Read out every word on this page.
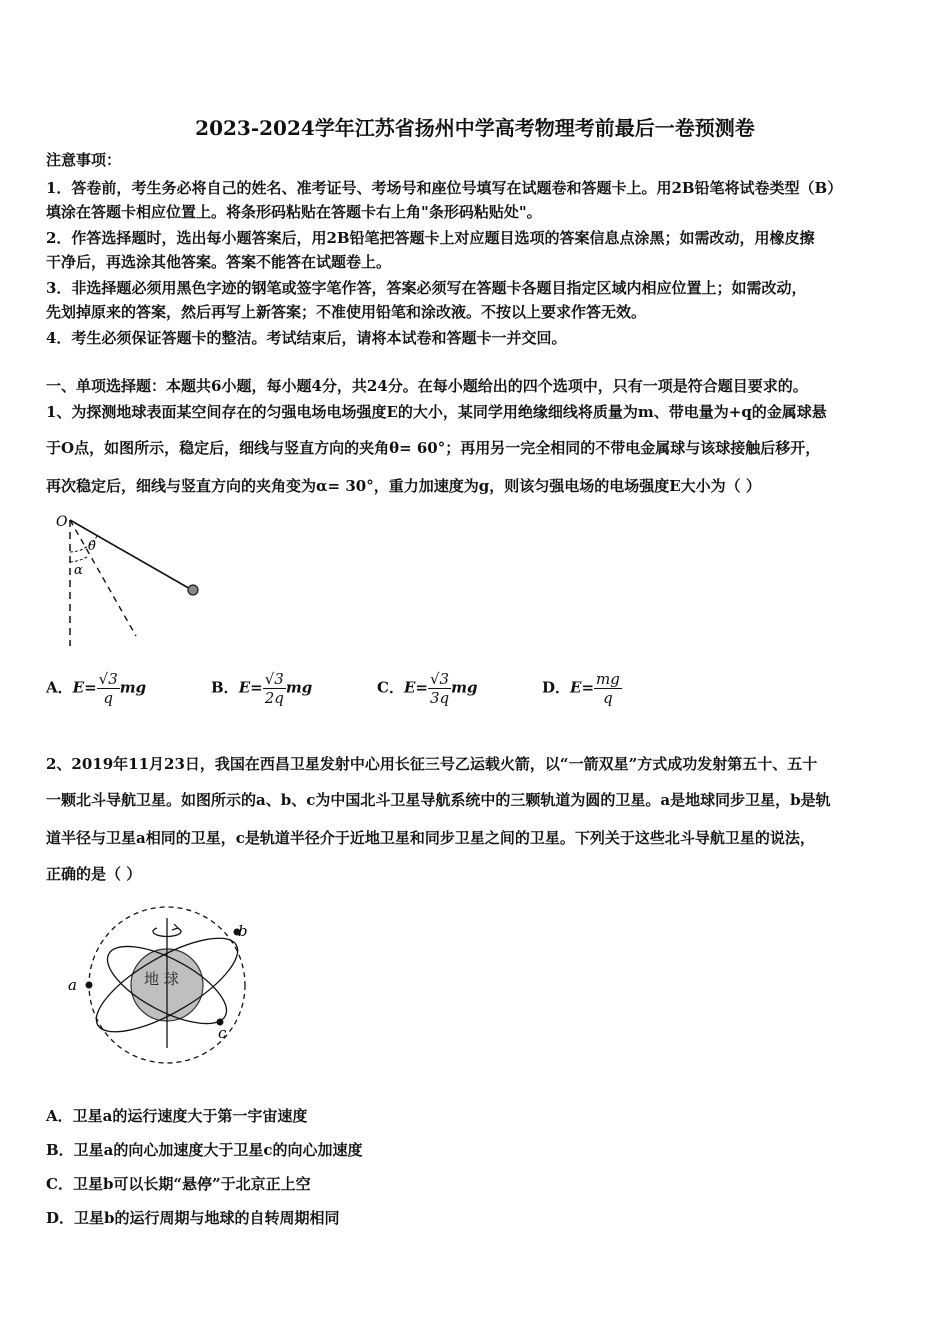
2023-2024学年江苏省扬州中学高考物理考前最后一卷预测卷
注意事项：
1．答卷前，考生务必将自己的姓名、准考证号、考场号和座位号填写在试题卷和答题卡上。用2B铅笔将试卷类型（B）
填涂在答题卡相应位置上。将条形码粘贴在答题卡右上角"条形码粘贴处"。
2．作答选择题时，选出每小题答案后，用2B铅笔把答题卡上对应题目选项的答案信息点涂黑；如需改动，用橡皮擦
干净后，再选涂其他答案。答案不能答在试题卷上。
3．非选择题必须用黑色字迹的钢笔或签字笔作答，答案必须写在答题卡各题目指定区域内相应位置上；如需改动，
先划掉原来的答案，然后再写上新答案；不准使用铅笔和涂改液。不按以上要求作答无效。
4．考生必须保证答题卡的整洁。考试结束后，请将本试卷和答题卡一并交回。
一、单项选择题：本题共6小题，每小题4分，共24分。在每小题给出的四个选项中，只有一项是符合题目要求的。
1、为探测地球表面某空间存在的匀强电场电场强度E的大小，某同学用绝缘细线将质量为m、带电量为+q的金属球悬
于O点，如图所示，稳定后，细线与竖直方向的夹角θ= 60°；再用另一完全相同的不带电金属球与该球接触后移开，
再次稳定后，细线与竖直方向的夹角变为α= 30°，重力加速度为g，则该匀强电场的电场强度E大小为（ ）
O
θ
α
A．$E= \frac{√3}{q}$ mg	B．$E= \frac{√3}{2q}$ mg	C．$E= \frac{√3}{3q}$ mg	D．$E= \frac{mg}{q}$
2、2019年11月23日，我国在西昌卫星发射中心用长征三号乙运载火箭，以“一箭双星”方式成功发射第五十、五十
一颗北斗导航卫星。如图所示的a、b、c为中国北斗卫星导航系统中的三颗轨道为圆的卫星。a是地球同步卫星，b是轨
道半径与卫星a相同的卫星，c是轨道半径介于近地卫星和同步卫星之间的卫星。下列关于这些北斗导航卫星的说法，
正确的是（ ）
地 球
a
b
c
A．卫星a的运行速度大于第一宇宙速度
B．卫星a的向心加速度大于卫星c的向心加速度
C．卫星b可以长期“悬停”于北京正上空
D．卫星b的运行周期与地球的自转周期相同
